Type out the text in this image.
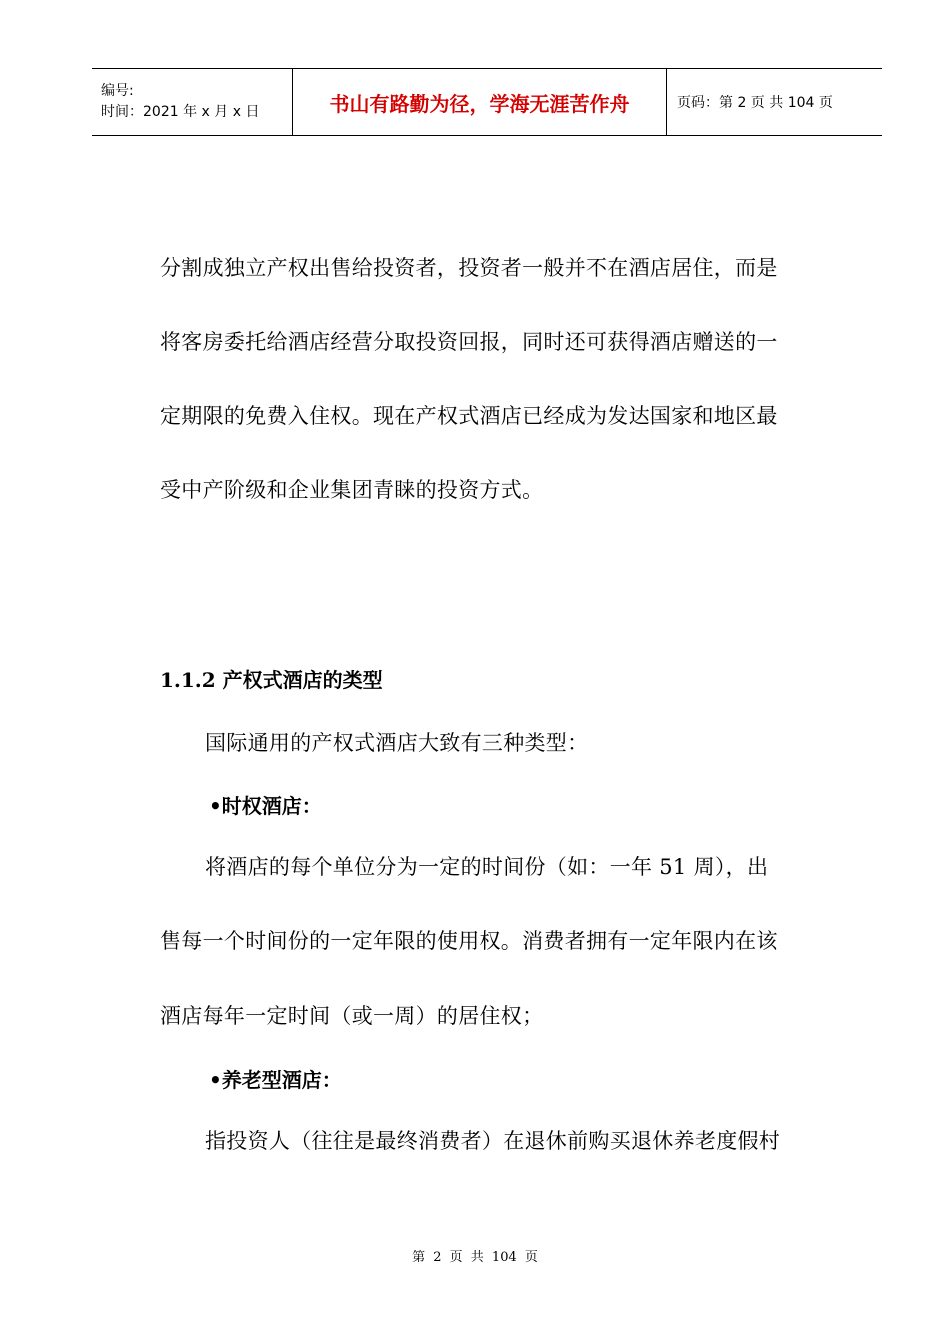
编号:
时间：2021 年 x 月 x 日	书山有路勤为径，学海无涯苦作舟	页码：第 2 页 共 104 页
分割成独立产权出售给投资者，投资者一般并不在酒店居住，而是
将客房委托给酒店经营分取投资回报，同时还可获得酒店赠送的一
定期限的免费入住权。现在产权式酒店已经成为发达国家和地区最
受中产阶级和企业集团青睐的投资方式。
1.1.2 产权式酒店的类型
国际通用的产权式酒店大致有三种类型：
•时权酒店：
将酒店的每个单位分为一定的时间份（如：一年 51 周），出
售每一个时间份的一定年限的使用权。消费者拥有一定年限内在该
酒店每年一定时间（或一周）的居住权；
•养老型酒店：
指投资人（往往是最终消费者）在退休前购买退休养老度假村
第 2 页 共 104 页
